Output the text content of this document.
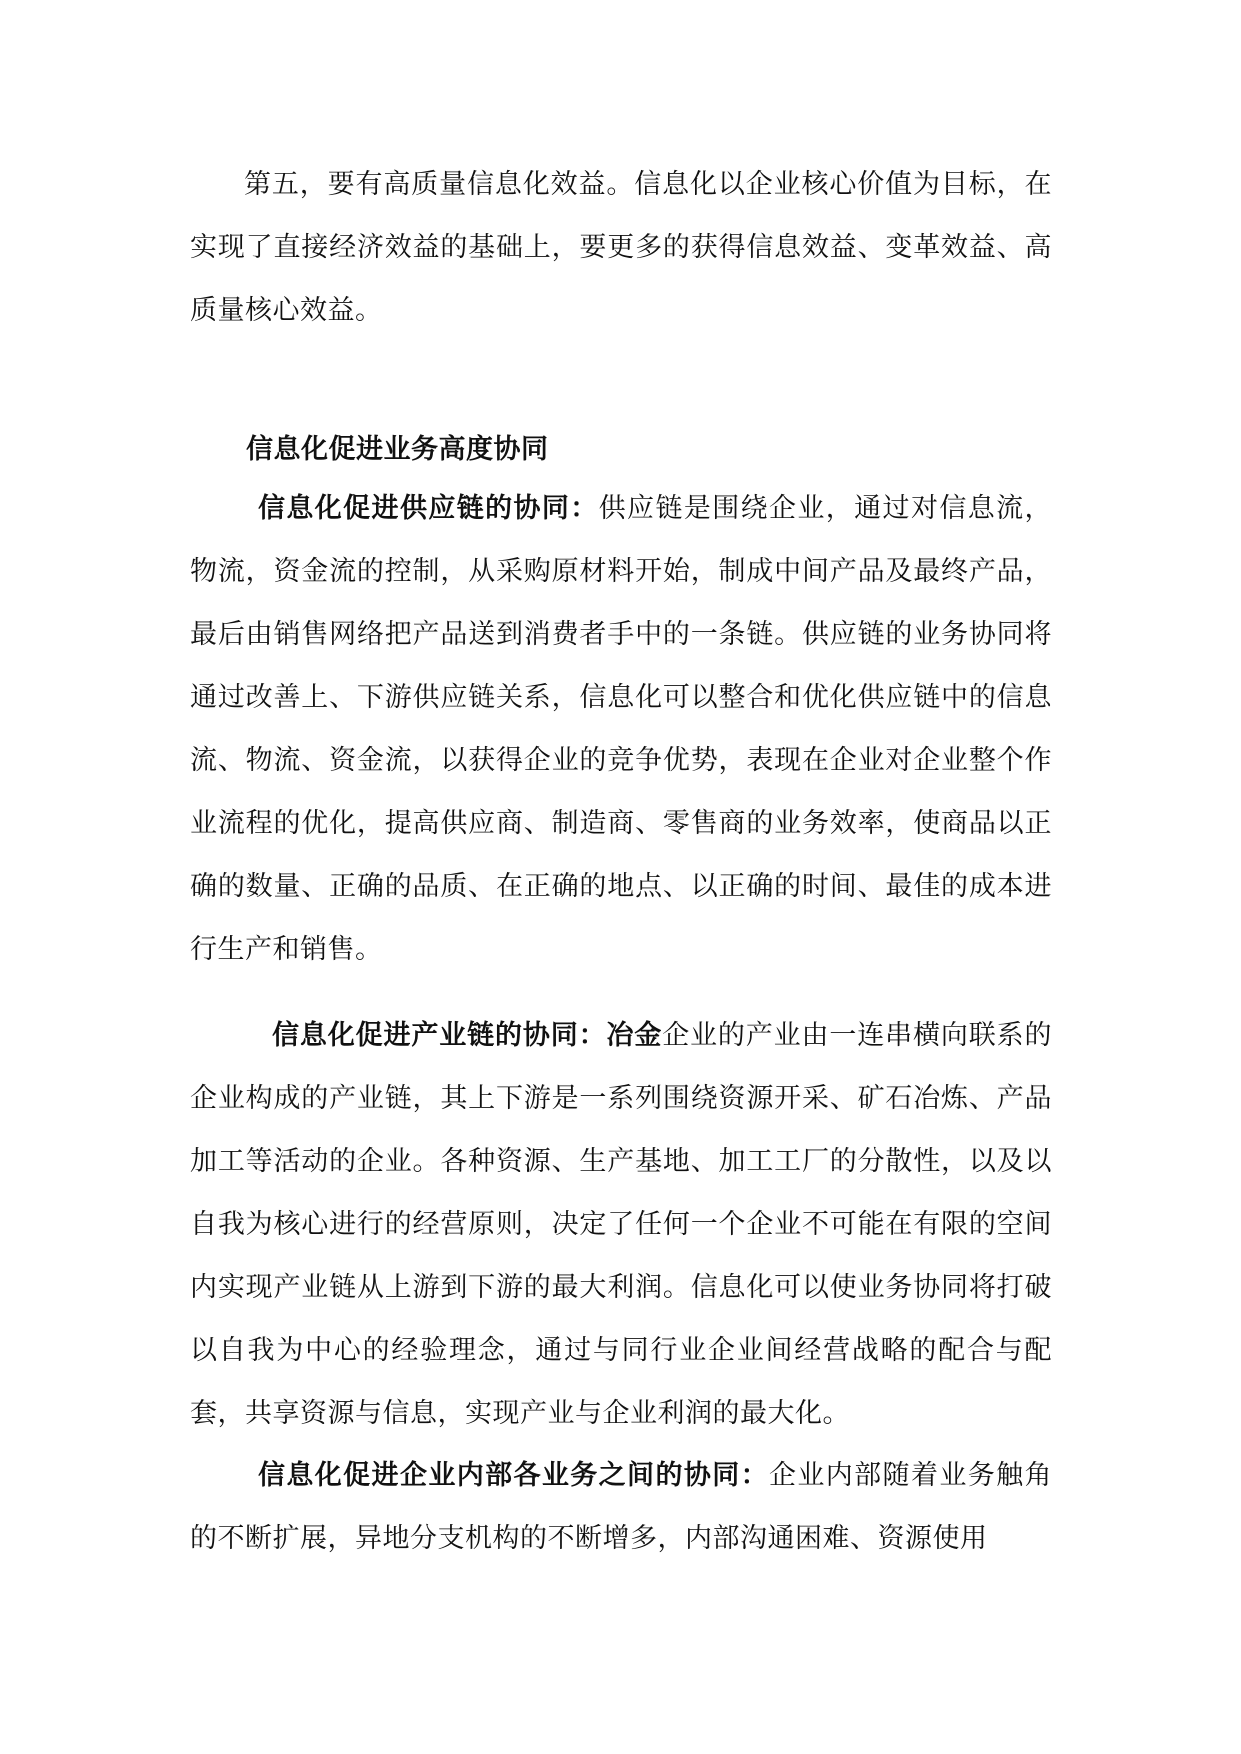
第五，要有高质量信息化效益。信息化以企业核心价值为目标，在实现了直接经济效益的基础上，要更多的获得信息效益、变革效益、高质量核心效益。

信息化促进业务高度协同

信息化促进供应链的协同：供应链是围绕企业，通过对信息流，物流，资金流的控制，从采购原材料开始，制成中间产品及最终产品，最后由销售网络把产品送到消费者手中的一条链。供应链的业务协同将通过改善上、下游供应链关系，信息化可以整合和优化供应链中的信息流、物流、资金流，以获得企业的竞争优势，表现在企业对企业整个作业流程的优化，提高供应商、制造商、零售商的业务效率，使商品以正确的数量、正确的品质、在正确的地点、以正确的时间、最佳的成本进行生产和销售。

信息化促进产业链的协同：冶金企业的产业由一连串横向联系的企业构成的产业链，其上下游是一系列围绕资源开采、矿石冶炼、产品加工等活动的企业。各种资源、生产基地、加工工厂的分散性，以及以自我为核心进行的经营原则，决定了任何一个企业不可能在有限的空间内实现产业链从上游到下游的最大利润。信息化可以使业务协同将打破以自我为中心的经验理念，通过与同行业企业间经营战略的配合与配套，共享资源与信息，实现产业与企业利润的最大化。

信息化促进企业内部各业务之间的协同：企业内部随着业务触角的不断扩展，异地分支机构的不断增多，内部沟通困难、资源使用
